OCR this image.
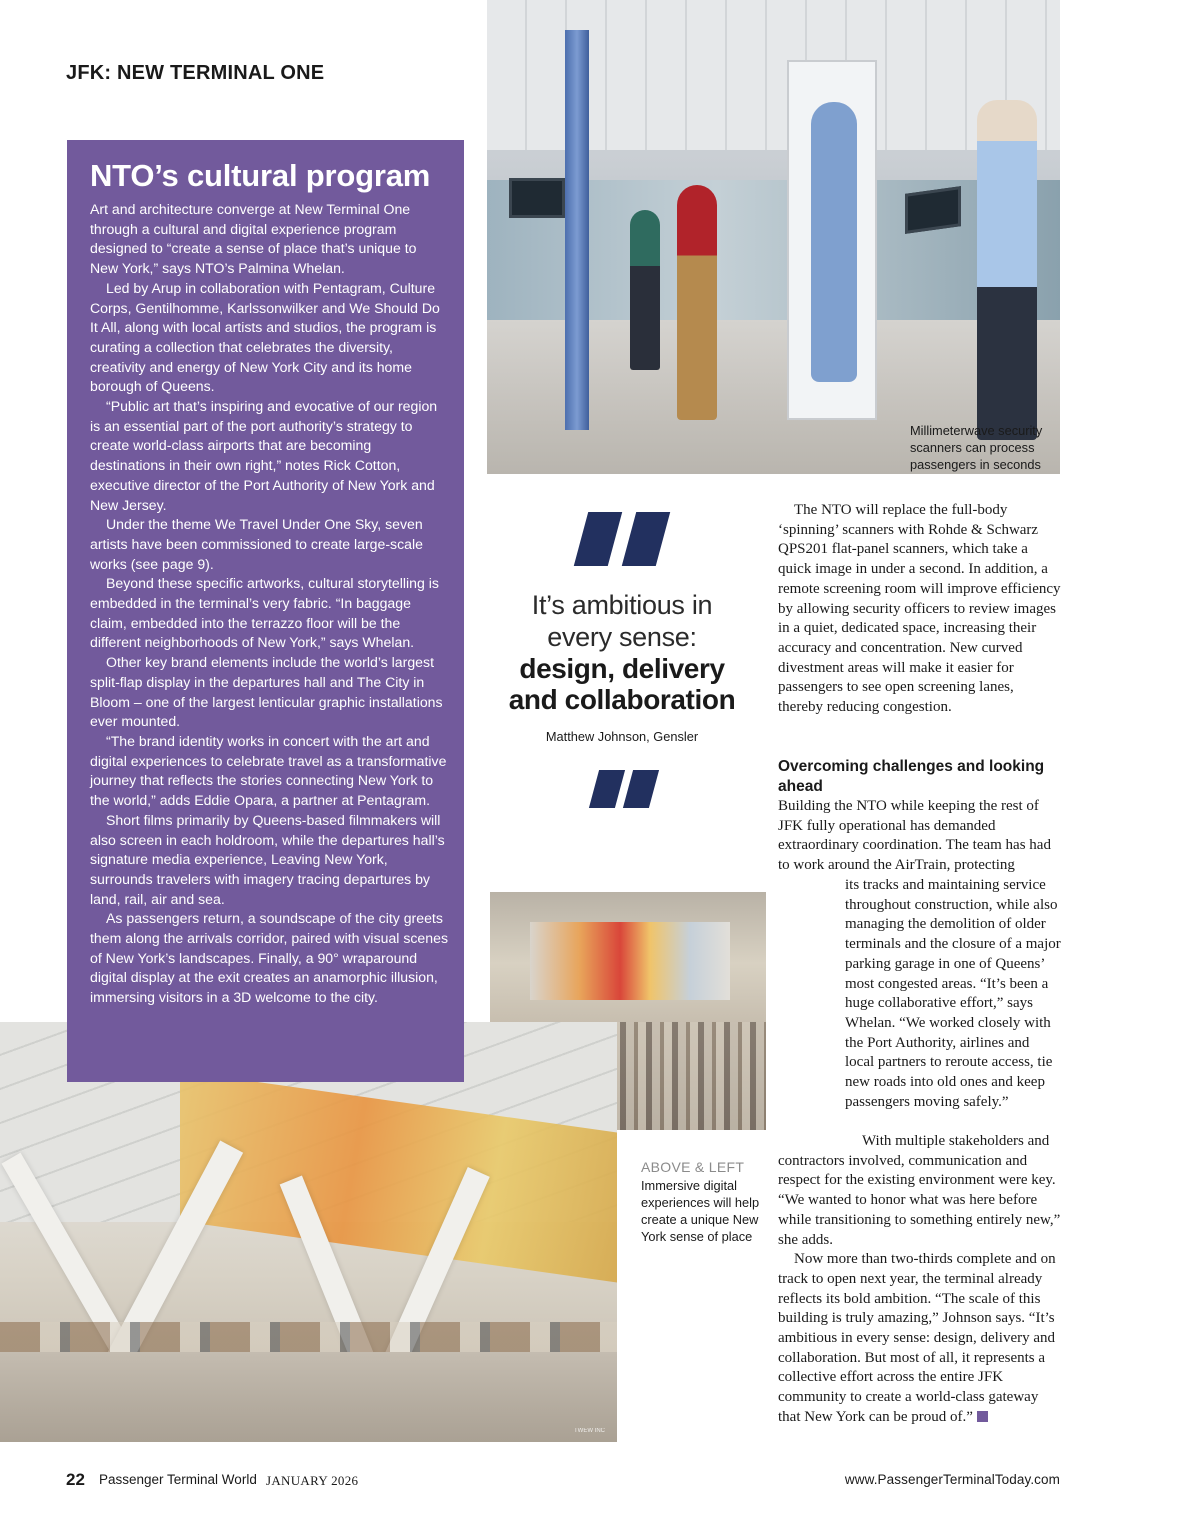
JFK: NEW TERMINAL ONE
Millimeterwave security scanners can process passengers in seconds
NTO’s cultural program

Art and architecture converge at New Terminal One through a cultural and digital experience program designed to “create a sense of place that’s unique to New York,” says NTO’s Palmina Whelan.

Led by Arup in collaboration with Pentagram, Culture Corps, Gentilhomme, Karlssonwilker and We Should Do It All, along with local artists and studios, the program is curating a collection that celebrates the diversity, creativity and energy of New York City and its home borough of Queens.

“Public art that’s inspiring and evocative of our region is an essential part of the port authority’s strategy to create world-class airports that are becoming destinations in their own right,” notes Rick Cotton, executive director of the Port Authority of New York and New Jersey.

Under the theme We Travel Under One Sky, seven artists have been commissioned to create large-scale works (see page 9).

Beyond these specific artworks, cultural storytelling is embedded in the terminal’s very fabric. “In baggage claim, embedded into the terrazzo floor will be the different neighborhoods of New York,” says Whelan.

Other key brand elements include the world’s largest split-flap display in the departures hall and The City in Bloom – one of the largest lenticular graphic installations ever mounted.

“The brand identity works in concert with the art and digital experiences to celebrate travel as a transformative journey that reflects the stories connecting New York to the world,” adds Eddie Opara, a partner at Pentagram.

Short films primarily by Queens-based filmmakers will also screen in each holdroom, while the departures hall’s signature media experience, Leaving New York, surrounds travelers with imagery tracing departures by land, rail, air and sea.

As passengers return, a soundscape of the city greets them along the arrivals corridor, paired with visual scenes of New York’s landscapes. Finally, a 90° wraparound digital display at the exit creates an anamorphic illusion, immersing visitors in a 3D welcome to the city.

It’s ambitious in every sense:
design, delivery and collaboration
Matthew Johnson, Gensler

The NTO will replace the full-body ‘spinning’ scanners with Rohde & Schwarz QPS201 flat-panel scanners, which take a quick image in under a second. In addition, a remote screening room will improve efficiency by allowing security officers to review images in a quiet, dedicated space, increasing their accuracy and concentration. New curved divestment areas will make it easier for passengers to see open screening lanes, thereby reducing congestion.

Overcoming challenges and looking ahead
Building the NTO while keeping the rest of JFK fully operational has demanded extraordinary coordination. The team has had to work around the AirTrain, protecting
its tracks and maintaining service throughout construction, while also managing the demolition of older terminals and the closure of a major parking garage in one of Queens’ most congested areas. “It’s been a huge collaborative effort,” says Whelan. “We worked closely with the Port Authority, airlines and local partners to reroute access, tie new roads into old ones and keep passengers moving safely.”

With multiple stakeholders and contractors involved, communication and respect for the existing environment were key. “We wanted to honor what was here before while transitioning to something entirely new,” she adds.

Now more than two-thirds complete and on track to open next year, the terminal already reflects its bold ambition. “The scale of this building is truly amazing,” Johnson says. “It’s ambitious in every sense: design, delivery and collaboration. But most of all, it represents a collective effort across the entire JFK community to create a world-class gateway that New York can be proud of.”

ABOVE & LEFT
Immersive digital experiences will help create a unique New York sense of place
TWEW INC
22 Passenger Terminal World JANUARY 2026	www.PassengerTerminalToday.com
